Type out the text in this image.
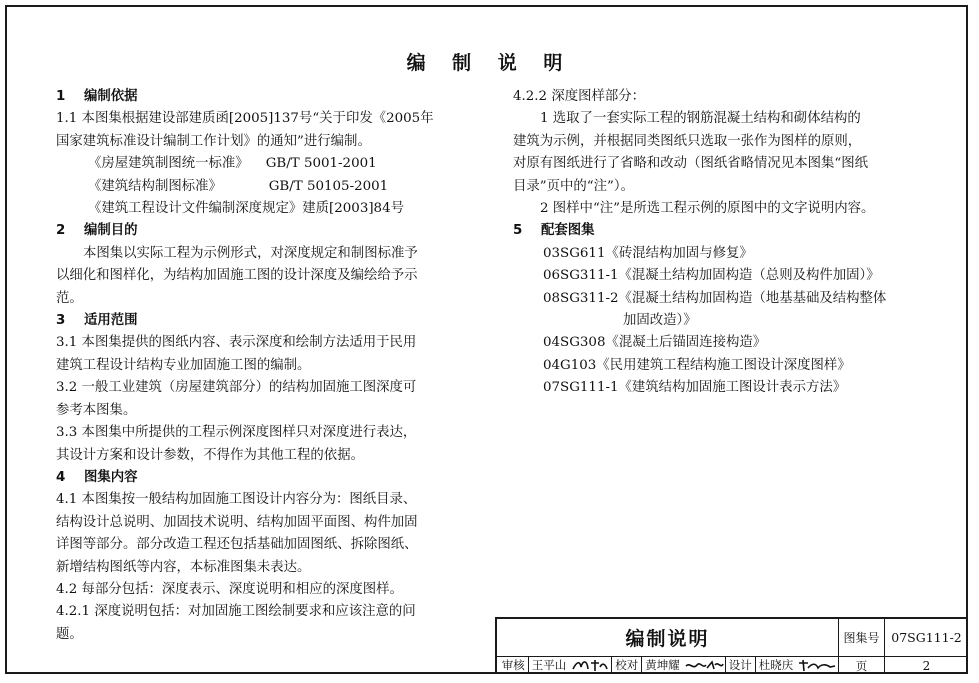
编 制 说 明

1 编制依据

1.1 本图集根据建设部建质函[2005]137号“关于印发《2005年

国家建筑标准设计编制工作计划》的通知”进行编制。

《房屋建筑制图统一标准》 GB/T 5001-2001

《建筑结构制图标准》	GB/T 50105-2001

《建筑工程设计文件编制深度规定》建质[2003]84号

2 编制目的

本图集以实际工程为示例形式，对深度规定和制图标准予

以细化和图样化，为结构加固施工图的设计深度及编绘给予示

范。

3 适用范围

3.1 本图集提供的图纸内容、表示深度和绘制方法适用于民用

建筑工程设计结构专业加固施工图的编制。

3.2 一般工业建筑（房屋建筑部分）的结构加固施工图深度可

参考本图集。

3.3 本图集中所提供的工程示例深度图样只对深度进行表达，

其设计方案和设计参数，不得作为其他工程的依据。

4 图集内容

4.1 本图集按一般结构加固施工图设计内容分为：图纸目录、

结构设计总说明、加固技术说明、结构加固平面图、构件加固

详图等部分。部分改造工程还包括基础加固图纸、拆除图纸、

新增结构图纸等内容，本标准图集未表达。

4.2 每部分包括：深度表示、深度说明和相应的深度图样。

4.2.1 深度说明包括：对加固施工图绘制要求和应该注意的问

题。

4.2.2 深度图样部分：

1 选取了一套实际工程的钢筋混凝土结构和砌体结构的

建筑为示例，并根据同类图纸只选取一张作为图样的原则，

对原有图纸进行了省略和改动（图纸省略情况见本图集“图纸

目录”页中的“注”）。

2 图样中“注”是所选工程示例的原图中的文字说明内容。

5 配套图集

03SG611《砖混结构加固与修复》

06SG311-1《混凝土结构加固构造（总则及构件加固）》

08SG311-2《混凝土结构加固构造（地基基础及结构整体

加固改造）》

04SG308《混凝土后锚固连接构造》

04G103《民用建筑工程结构施工图设计深度图样》

07SG111-1《建筑结构加固施工图设计表示方法》

编制说明	图集号 07SG111-2
审核 王平山	校对 黄坤耀	设计 杜晓庆	页	2
